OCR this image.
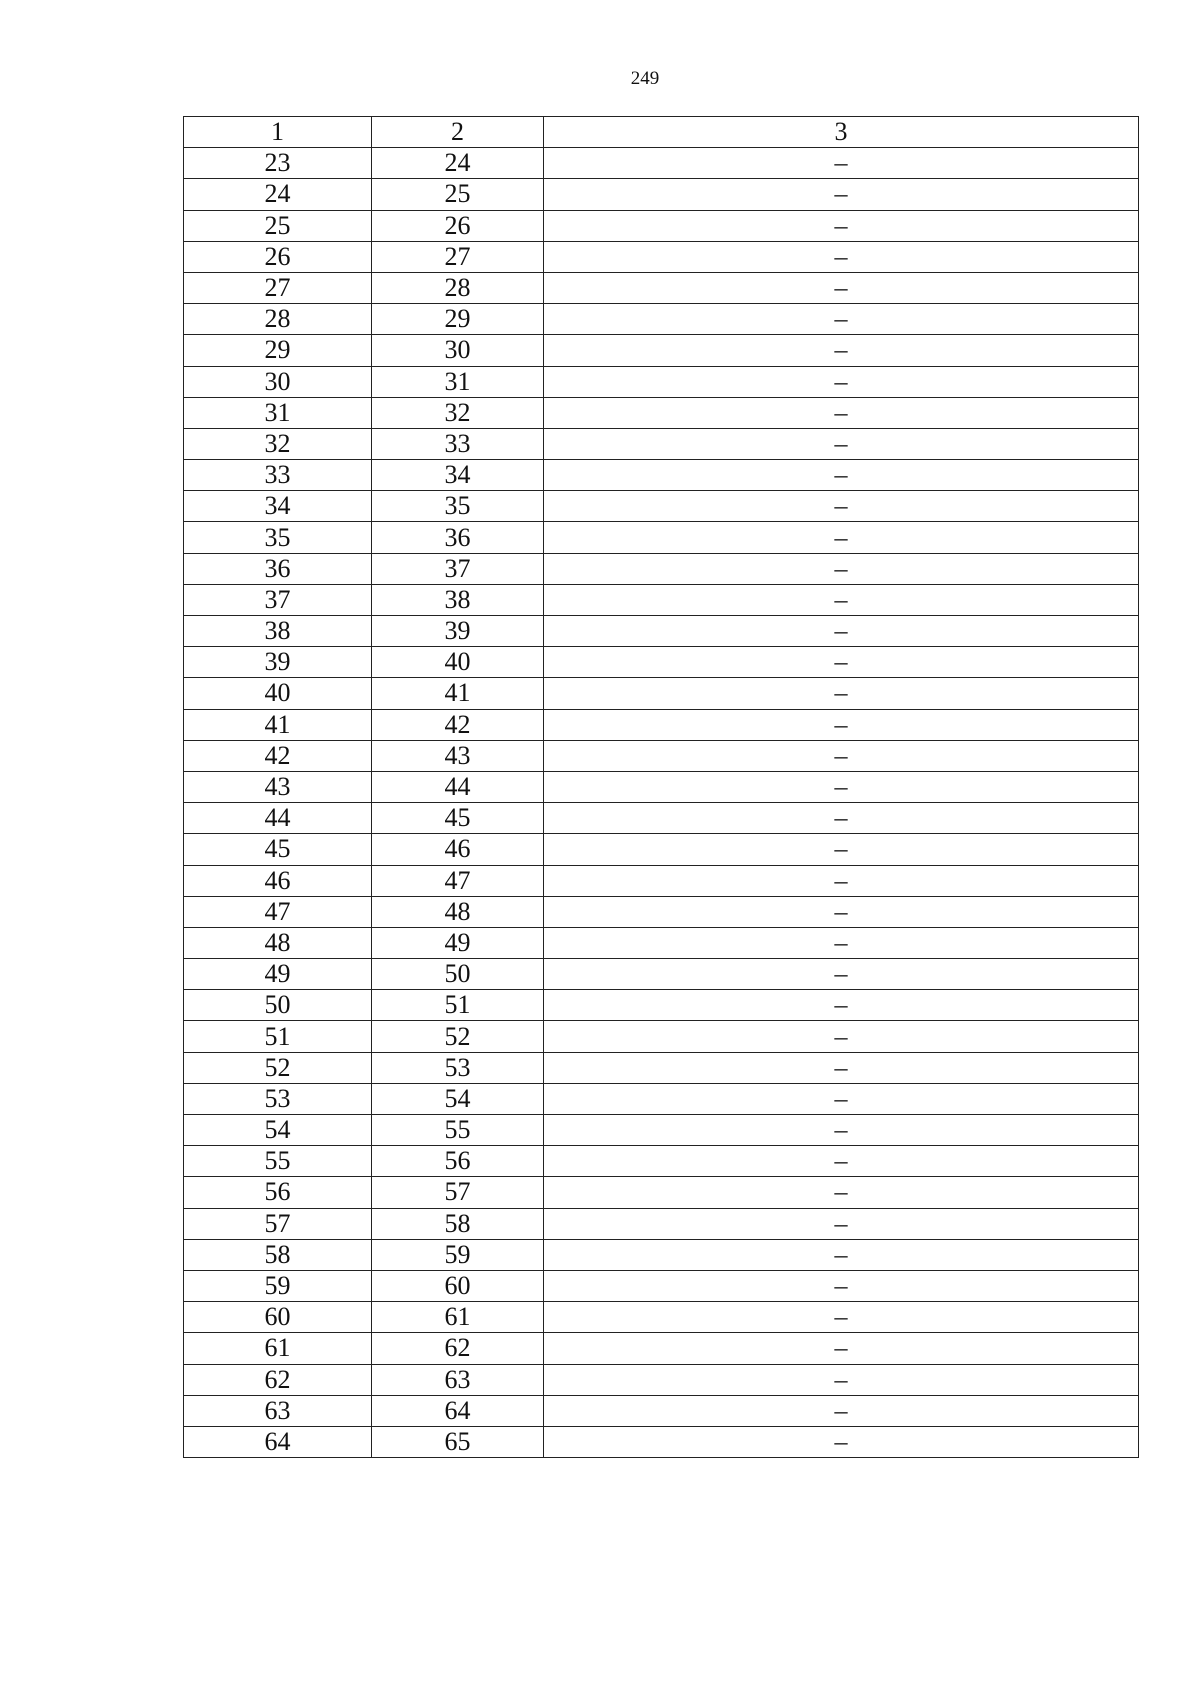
249
1	2	3
23	24	–
24	25	–
25	26	–
26	27	–
27	28	–
28	29	–
29	30	–
30	31	–
31	32	–
32	33	–
33	34	–
34	35	–
35	36	–
36	37	–
37	38	–
38	39	–
39	40	–
40	41	–
41	42	–
42	43	–
43	44	–
44	45	–
45	46	–
46	47	–
47	48	–
48	49	–
49	50	–
50	51	–
51	52	–
52	53	–
53	54	–
54	55	–
55	56	–
56	57	–
57	58	–
58	59	–
59	60	–
60	61	–
61	62	–
62	63	–
63	64	–
64	65	–
